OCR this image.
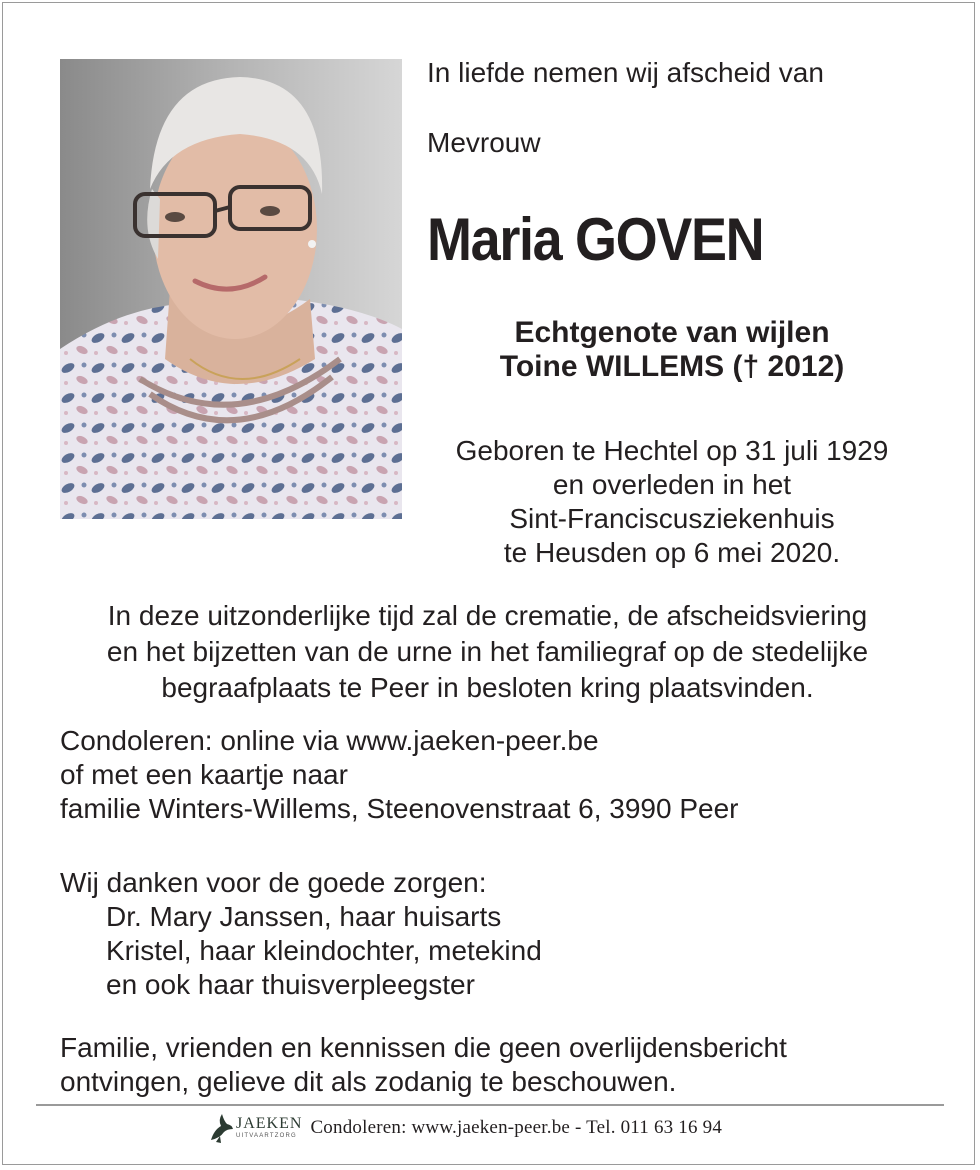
In liefde nemen wij afscheid van
Mevrouw
Maria GOVEN
Echtgenote van wijlen
Toine WILLEMS († 2012)
Geboren te Hechtel op 31 juli 1929
en overleden in het
Sint-Franciscusziekenhuis
te Heusden op 6 mei 2020.
In deze uitzonderlijke tijd zal de crematie, de afscheidsviering
en het bijzetten van de urne in het familiegraf op de stedelijke
begraafplaats te Peer in besloten kring plaatsvinden.
Condoleren: online via www.jaeken-peer.be
of met een kaartje naar
familie Winters-Willems, Steenovenstraat 6, 3990 Peer
Wij danken voor de goede zorgen:
Dr. Mary Janssen, haar huisarts
Kristel, haar kleindochter, metekind
en ook haar thuisverpleegster
Familie, vrienden en kennissen die geen overlijdensbericht
ontvingen, gelieve dit als zodanig te beschouwen.
JAEKEN
UITVAARTZORG Condoleren: www.jaeken-peer.be - Tel. 011 63 16 94
